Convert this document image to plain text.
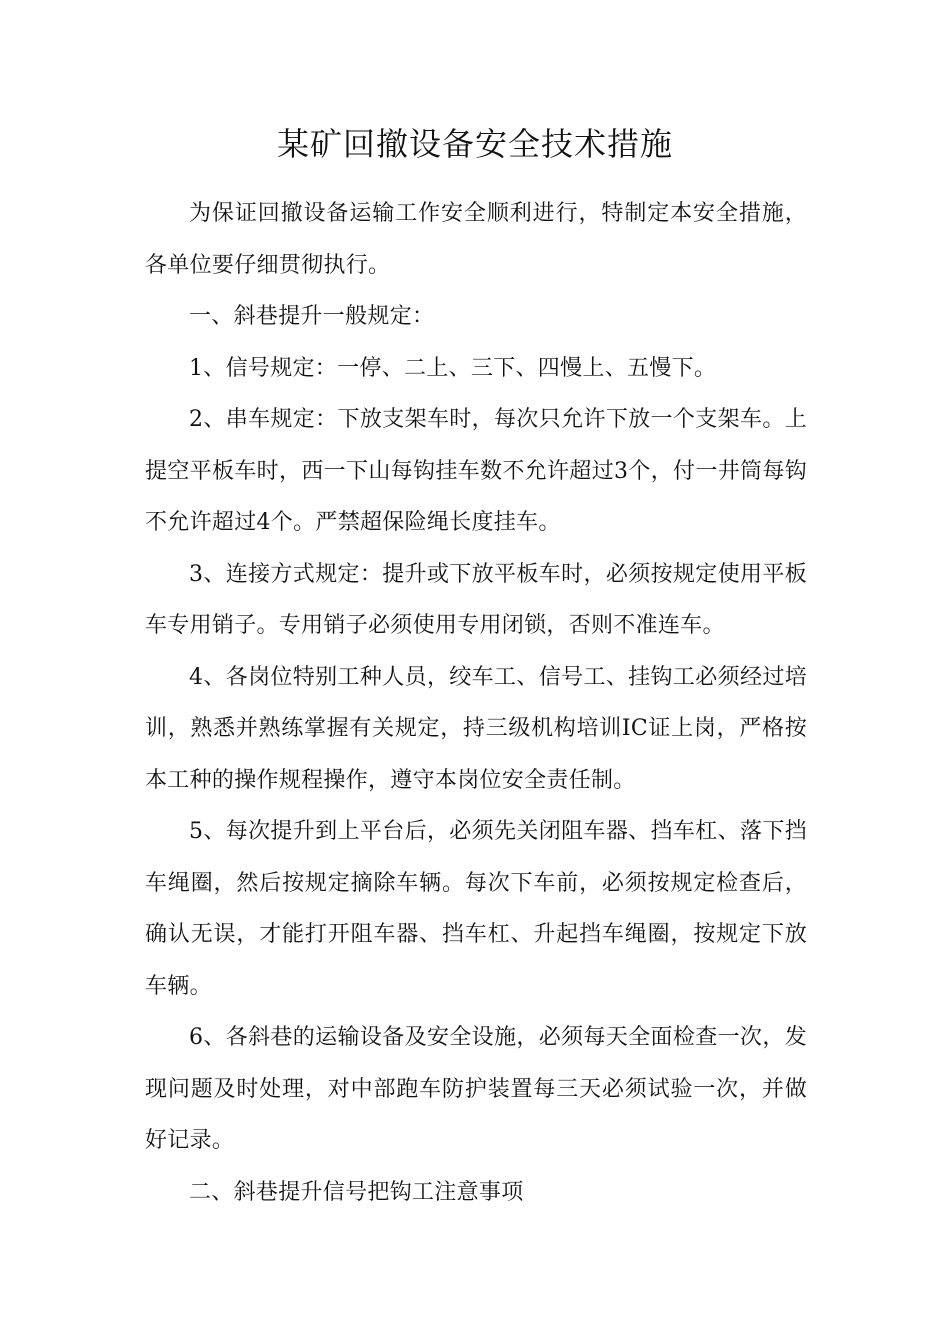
某矿回撤设备安全技术措施

为保证回撤设备运输工作安全顺利进行，特制定本安全措施，各单位要仔细贯彻执行。

一、斜巷提升一般规定：

1、信号规定：一停、二上、三下、四慢上、五慢下。

2、串车规定：下放支架车时，每次只允许下放一个支架车。上提空平板车时，西一下山每钩挂车数不允许超过3个，付一井筒每钩不允许超过4个。严禁超保险绳长度挂车。

3、连接方式规定：提升或下放平板车时，必须按规定使用平板车专用销子。专用销子必须使用专用闭锁，否则不准连车。

4、各岗位特别工种人员，绞车工、信号工、挂钩工必须经过培训，熟悉并熟练掌握有关规定，持三级机构培训IC证上岗，严格按本工种的操作规程操作，遵守本岗位安全责任制。

5、每次提升到上平台后，必须先关闭阻车器、挡车杠、落下挡车绳圈，然后按规定摘除车辆。每次下车前，必须按规定检查后，确认无误，才能打开阻车器、挡车杠、升起挡车绳圈，按规定下放车辆。

6、各斜巷的运输设备及安全设施，必须每天全面检查一次，发现问题及时处理，对中部跑车防护装置每三天必须试验一次，并做好记录。

二、斜巷提升信号把钩工注意事项
